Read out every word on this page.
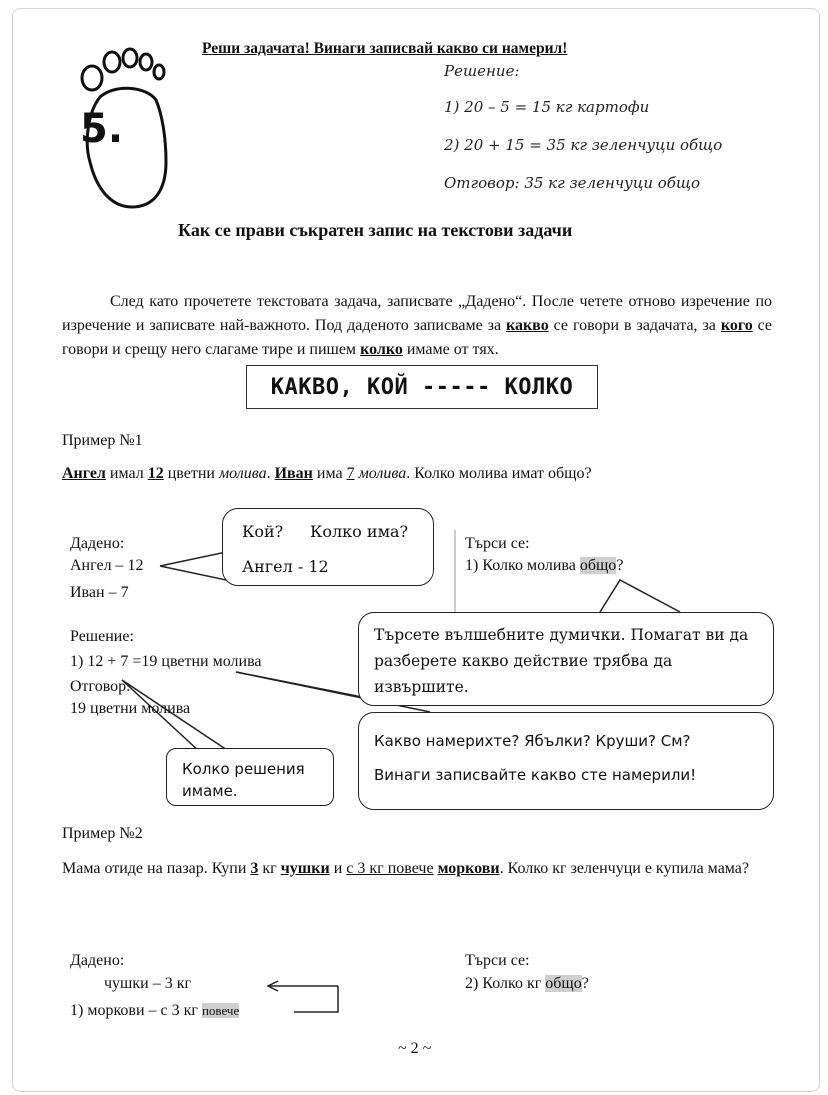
5.
Реши задачата! Винаги записвай какво си намерил!
Решение:
1) 20 – 5 = 15 кг картофи
2) 20 + 15 = 35 кг зеленчуци общо
Отговор: 35 кг зеленчуци общо
Как се прави съкратен запис на текстови задачи
След като прочетете текстовата задача, записвате „Дадено“. После четете отново изречение по изречение и записвате най-важното. Под даденото записваме за какво се говори в задачата, за кого се говори и срещу него слагаме тире и пишем колко имаме от тях.
КАКВО, КОЙ ----- КОЛКО
Пример №1
Ангел имал 12 цветни молива. Иван има 7 молива. Колко молива имат общо?
Дадено:
Ангел – 12
Иван – 7
Кой? Колко има?
Ангел - 12
Търси се:
1) Колко молива общо?
Решение:
1) 12 + 7 =19 цветни молива
Отговор:
19 цветни молива
Търсете вълшебните думички. Помагат ви да разберете какво действие трябва да извършите.
Какво намерихте? Ябълки? Круши? См?
Винаги записвайте какво сте намерили!
Колко решения имаме.
Пример №2
Мама отиде на пазар. Купи 3 кг чушки и с 3 кг повече моркови. Колко кг зеленчуци е купила мама?
Дадено:
чушки – 3 кг
1) моркови – с 3 кг повече
Търси се:
2) Колко кг общо?
~ 2 ~
